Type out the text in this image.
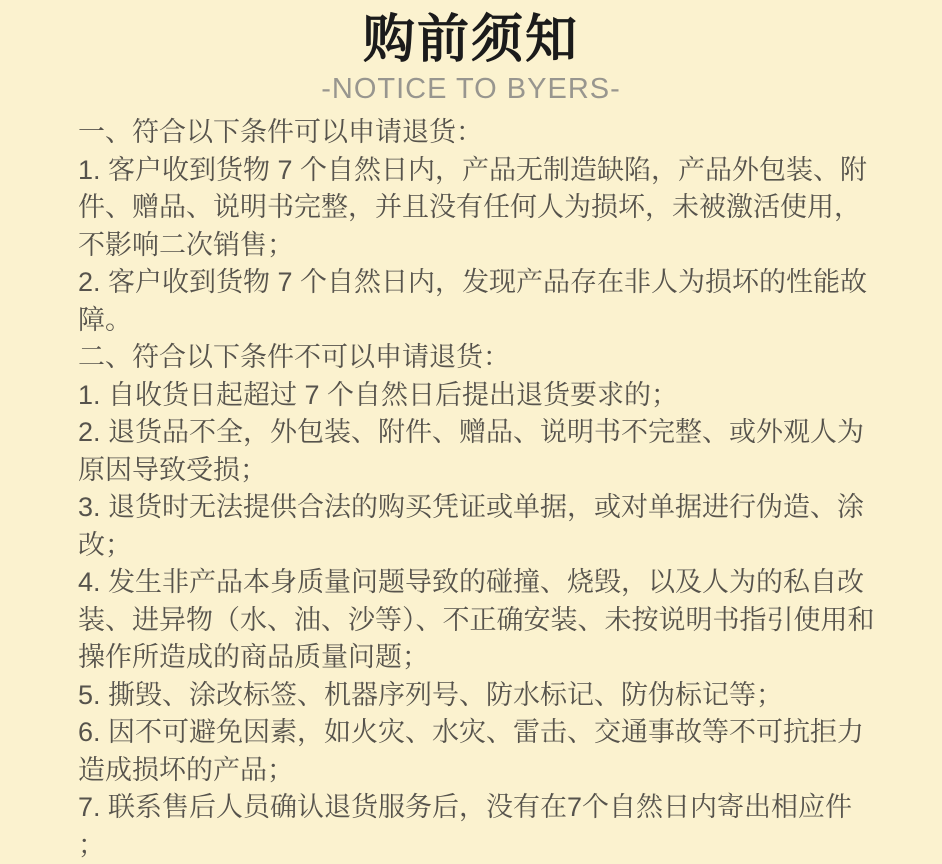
购前须知
-NOTICE TO BYERS-

一、符合以下条件可以申请退货：

1. 客户收到货物 7 个自然日内，产品无制造缺陷，产品外包装、附件、赠品、说明书完整，并且没有任何人为损坏，未被激活使用，不影响二次销售；

2. 客户收到货物 7 个自然日内，发现产品存在非人为损坏的性能故障。

二、符合以下条件不可以申请退货：

1. 自收货日起超过 7 个自然日后提出退货要求的；

2. 退货品不全，外包装、附件、赠品、说明书不完整、或外观人为原因导致受损；

3. 退货时无法提供合法的购买凭证或单据，或对单据进行伪造、涂改；

4. 发生非产品本身质量问题导致的碰撞、烧毁，以及人为的私自改装、进异物（水、油、沙等）、不正确安装、未按说明书指引使用和操作所造成的商品质量问题；

5. 撕毁、涂改标签、机器序列号、防水标记、防伪标记等；

6. 因不可避免因素，如火灾、水灾、雷击、交通事故等不可抗拒力造成损坏的产品；

7. 联系售后人员确认退货服务后，没有在7个自然日内寄出相应件；
